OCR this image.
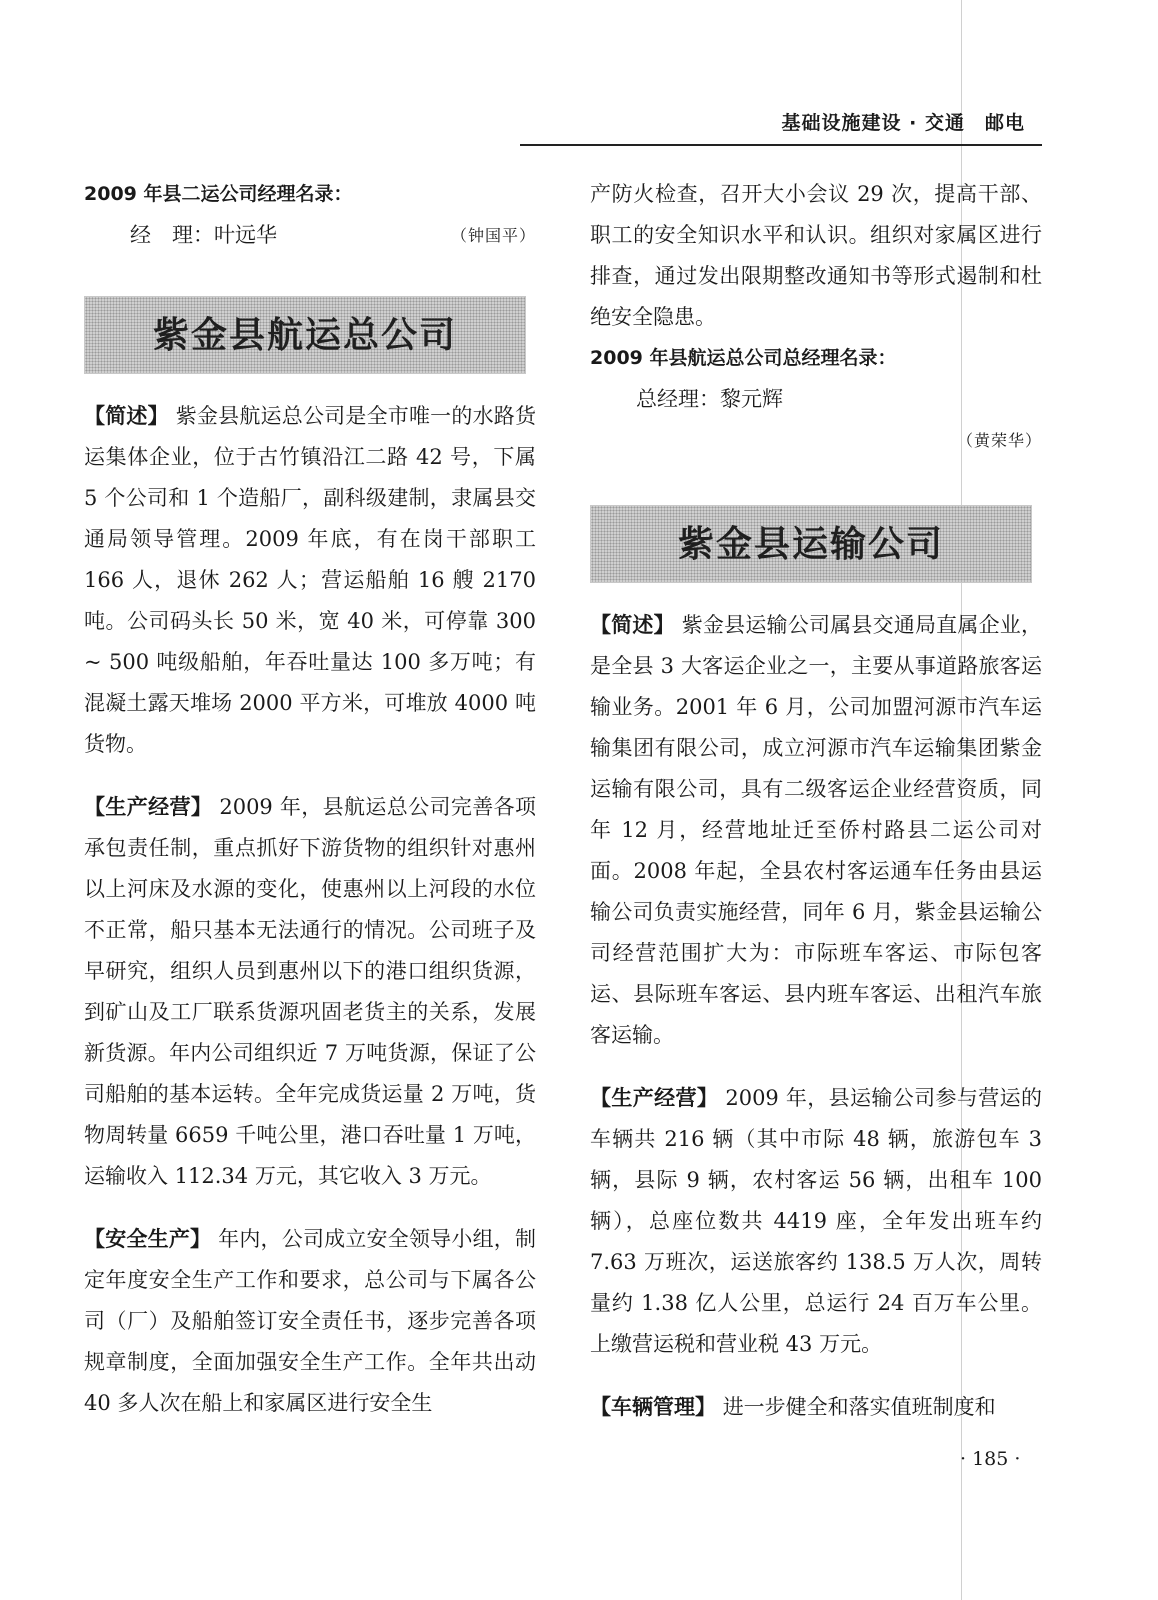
基础设施建设 · 交通　邮电
2009 年县二运公司经理名录：
经　理：叶远华	（钟国平）
紫金县航运总公司

【简述】 紫金县航运总公司是全市唯一的水路货运集体企业，位于古竹镇沿江二路 42 号，下属 5 个公司和 1 个造船厂，副科级建制，隶属县交通局领导管理。2009 年底，有在岗干部职工 166 人，退休 262 人；营运船舶 16 艘 2170 吨。公司码头长 50 米，宽 40 米，可停靠 300 ~ 500 吨级船舶，年吞吐量达 100 多万吨；有混凝土露天堆场 2000 平方米，可堆放 4000 吨货物。

【生产经营】 2009 年，县航运总公司完善各项承包责任制，重点抓好下游货物的组织针对惠州以上河床及水源的变化，使惠州以上河段的水位不正常，船只基本无法通行的情况。公司班子及早研究，组织人员到惠州以下的港口组织货源，到矿山及工厂联系货源巩固老货主的关系，发展新货源。年内公司组织近 7 万吨货源，保证了公司船舶的基本运转。全年完成货运量 2 万吨，货物周转量 6659 千吨公里，港口吞吐量 1 万吨，运输收入 112.34 万元，其它收入 3 万元。

【安全生产】 年内，公司成立安全领导小组，制定年度安全生产工作和要求，总公司与下属各公司（厂）及船舶签订安全责任书，逐步完善各项规章制度，全面加强安全生产工作。全年共出动 40 多人次在船上和家属区进行安全生

产防火检查，召开大小会议 29 次，提高干部、职工的安全知识水平和认识。组织对家属区进行排查，通过发出限期整改通知书等形式遏制和杜绝安全隐患。

2009 年县航运总公司总经理名录：
总经理：黎元辉
（黄荣华）
紫金县运输公司

【简述】 紫金县运输公司属县交通局直属企业，是全县 3 大客运企业之一，主要从事道路旅客运输业务。2001 年 6 月，公司加盟河源市汽车运输集团有限公司，成立河源市汽车运输集团紫金运输有限公司，具有二级客运企业经营资质，同年 12 月，经营地址迁至侨村路县二运公司对面。2008 年起，全县农村客运通车任务由县运输公司负责实施经营，同年 6 月，紫金县运输公司经营范围扩大为：市际班车客运、市际包客运、县际班车客运、县内班车客运、出租汽车旅客运输。

【生产经营】 2009 年，县运输公司参与营运的车辆共 216 辆（其中市际 48 辆，旅游包车 3 辆，县际 9 辆，农村客运 56 辆，出租车 100 辆），总座位数共 4419 座，全年发出班车约 7.63 万班次，运送旅客约 138.5 万人次，周转量约 1.38 亿人公里，总运行 24 百万车公里。上缴营运税和营业税 43 万元。

【车辆管理】 进一步健全和落实值班制度和

· 185 ·
